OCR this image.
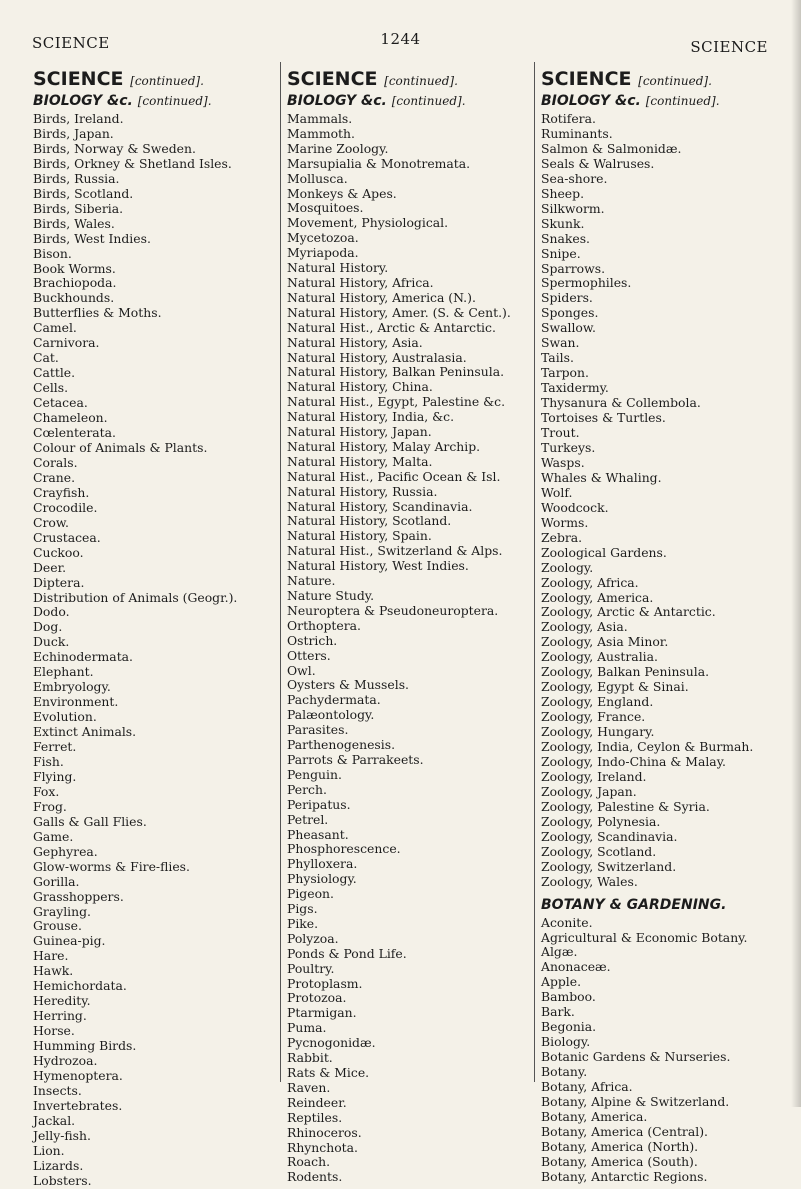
SCIENCE	1244	SCIENCE
SCIENCE [continued].
BIOLOGY &c. [continued].
Birds, Ireland.
Birds, Japan.
Birds, Norway & Sweden.
Birds, Orkney & Shetland Isles.
Birds, Russia.
Birds, Scotland.
Birds, Siberia.
Birds, Wales.
Birds, West Indies.
Bison.
Book Worms.
Brachiopoda.
Buckhounds.
Butterflies & Moths.
Camel.
Carnivora.
Cat.
Cattle.
Cells.
Cetacea.
Chameleon.
Cœlenterata.
Colour of Animals & Plants.
Corals.
Crane.
Crayfish.
Crocodile.
Crow.
Crustacea.
Cuckoo.
Deer.
Diptera.
Distribution of Animals (Geogr.).
Dodo.
Dog.
Duck.
Echinodermata.
Elephant.
Embryology.
Environment.
Evolution.
Extinct Animals.
Ferret.
Fish.
Flying.
Fox.
Frog.
Galls & Gall Flies.
Game.
Gephyrea.
Glow-worms & Fire-flies.
Gorilla.
Grasshoppers.
Grayling.
Grouse.
Guinea-pig.
Hare.
Hawk.
Hemichordata.
Heredity.
Herring.
Horse.
Humming Birds.
Hydrozoa.
Hymenoptera.
Insects.
Invertebrates.
Jackal.
Jelly-fish.
Lion.
Lizards.
Lobsters.
SCIENCE [continued].
BIOLOGY &c. [continued].
Mammals.
Mammoth.
Marine Zoology.
Marsupialia & Monotremata.
Mollusca.
Monkeys & Apes.
Mosquitoes.
Movement, Physiological.
Mycetozoa.
Myriapoda.
Natural History.
Natural History, Africa.
Natural History, America (N.).
Natural History, Amer. (S. & Cent.).
Natural Hist., Arctic & Antarctic.
Natural History, Asia.
Natural History, Australasia.
Natural History, Balkan Peninsula.
Natural History, China.
Natural Hist., Egypt, Palestine &c.
Natural History, India, &c.
Natural History, Japan.
Natural History, Malay Archip.
Natural History, Malta.
Natural Hist., Pacific Ocean & Isl.
Natural History, Russia.
Natural History, Scandinavia.
Natural History, Scotland.
Natural History, Spain.
Natural Hist., Switzerland & Alps.
Natural History, West Indies.
Nature.
Nature Study.
Neuroptera & Pseudoneuroptera.
Orthoptera.
Ostrich.
Otters.
Owl.
Oysters & Mussels.
Pachydermata.
Palæontology.
Parasites.
Parthenogenesis.
Parrots & Parrakeets.
Penguin.
Perch.
Peripatus.
Petrel.
Pheasant.
Phosphorescence.
Phylloxera.
Physiology.
Pigeon.
Pigs.
Pike.
Polyzoa.
Ponds & Pond Life.
Poultry.
Protoplasm.
Protozoa.
Ptarmigan.
Puma.
Pycnogonidæ.
Rabbit.
Rats & Mice.
Raven.
Reindeer.
Reptiles.
Rhinoceros.
Rhynchota.
Roach.
Rodents.
SCIENCE [continued].
BIOLOGY &c. [continued].
Rotifera.
Ruminants.
Salmon & Salmonidæ.
Seals & Walruses.
Sea-shore.
Sheep.
Silkworm.
Skunk.
Snakes.
Snipe.
Sparrows.
Spermophiles.
Spiders.
Sponges.
Swallow.
Swan.
Tails.
Tarpon.
Taxidermy.
Thysanura & Collembola.
Tortoises & Turtles.
Trout.
Turkeys.
Wasps.
Whales & Whaling.
Wolf.
Woodcock.
Worms.
Zebra.
Zoological Gardens.
Zoology.
Zoology, Africa.
Zoology, America.
Zoology, Arctic & Antarctic.
Zoology, Asia.
Zoology, Asia Minor.
Zoology, Australia.
Zoology, Balkan Peninsula.
Zoology, Egypt & Sinai.
Zoology, England.
Zoology, France.
Zoology, Hungary.
Zoology, India, Ceylon & Burmah.
Zoology, Indo-China & Malay.
Zoology, Ireland.
Zoology, Japan.
Zoology, Palestine & Syria.
Zoology, Polynesia.
Zoology, Scandinavia.
Zoology, Scotland.
Zoology, Switzerland.
Zoology, Wales.
BOTANY & GARDENING.
Aconite.
Agricultural & Economic Botany.
Algæ.
Anonaceæ.
Apple.
Bamboo.
Bark.
Begonia.
Biology.
Botanic Gardens & Nurseries.
Botany.
Botany, Africa.
Botany, Alpine & Switzerland.
Botany, America.
Botany, America (Central).
Botany, America (North).
Botany, America (South).
Botany, Antarctic Regions.
